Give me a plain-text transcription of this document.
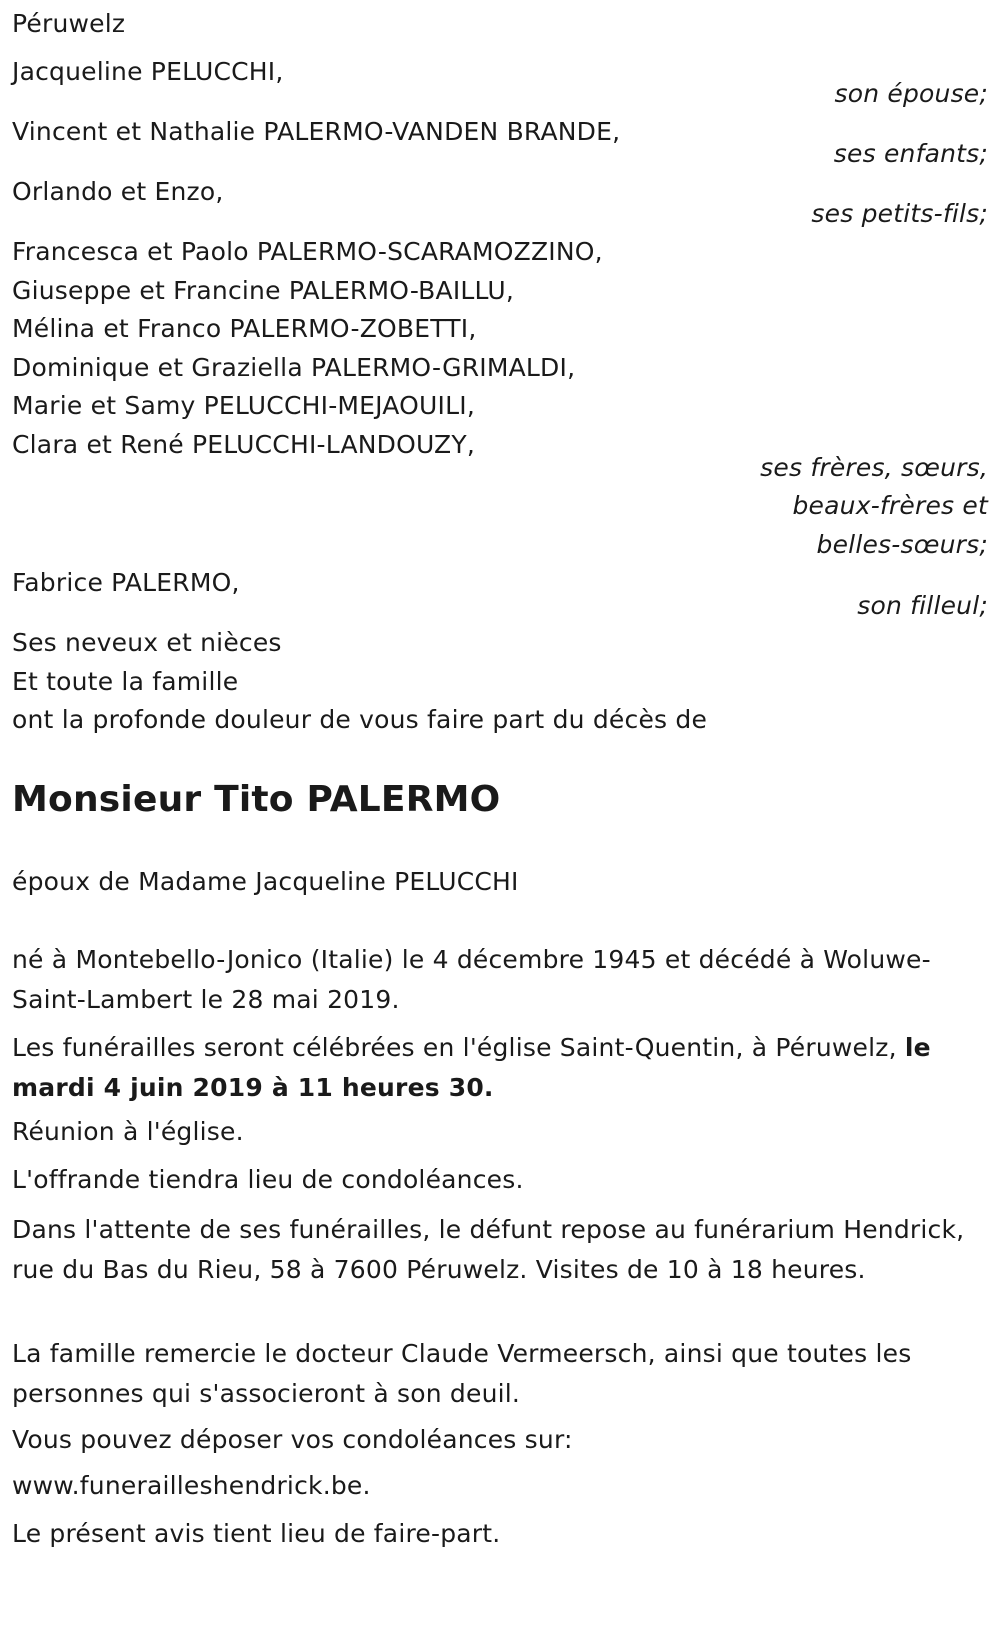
Péruwelz
Jacqueline PELUCCHI,
son épouse;
Vincent et Nathalie PALERMO-VANDEN BRANDE,
ses enfants;
Orlando et Enzo,
ses petits-fils;
Francesca et Paolo PALERMO-SCARAMOZZINO,
Giuseppe et Francine PALERMO-BAILLU,
Mélina et Franco PALERMO-ZOBETTI,
Dominique et Graziella PALERMO-GRIMALDI,
Marie et Samy PELUCCHI-MEJAOUILI,
Clara et René PELUCCHI-LANDOUZY,
ses frères, sœurs,
beaux-frères et
belles-sœurs;
Fabrice PALERMO,
son filleul;
Ses neveux et nièces
Et toute la famille
ont la profonde douleur de vous faire part du décès de
Monsieur Tito PALERMO
époux de Madame Jacqueline PELUCCHI
né à Montebello-Jonico (Italie) le 4 décembre 1945 et décédé à Woluwe-Saint-Lambert le 28 mai 2019.
Les funérailles seront célébrées en l'église Saint-Quentin, à Péruwelz, le mardi 4 juin 2019 à 11 heures 30.
Réunion à l'église.
L'offrande tiendra lieu de condoléances.
Dans l'attente de ses funérailles, le défunt repose au funérarium Hendrick, rue du Bas du Rieu, 58 à 7600 Péruwelz. Visites de 10 à 18 heures.
La famille remercie le docteur Claude Vermeersch, ainsi que toutes les personnes qui s'associeront à son deuil.
Vous pouvez déposer vos condoléances sur:
www.funerailleshendrick.be.
Le présent avis tient lieu de faire-part.
